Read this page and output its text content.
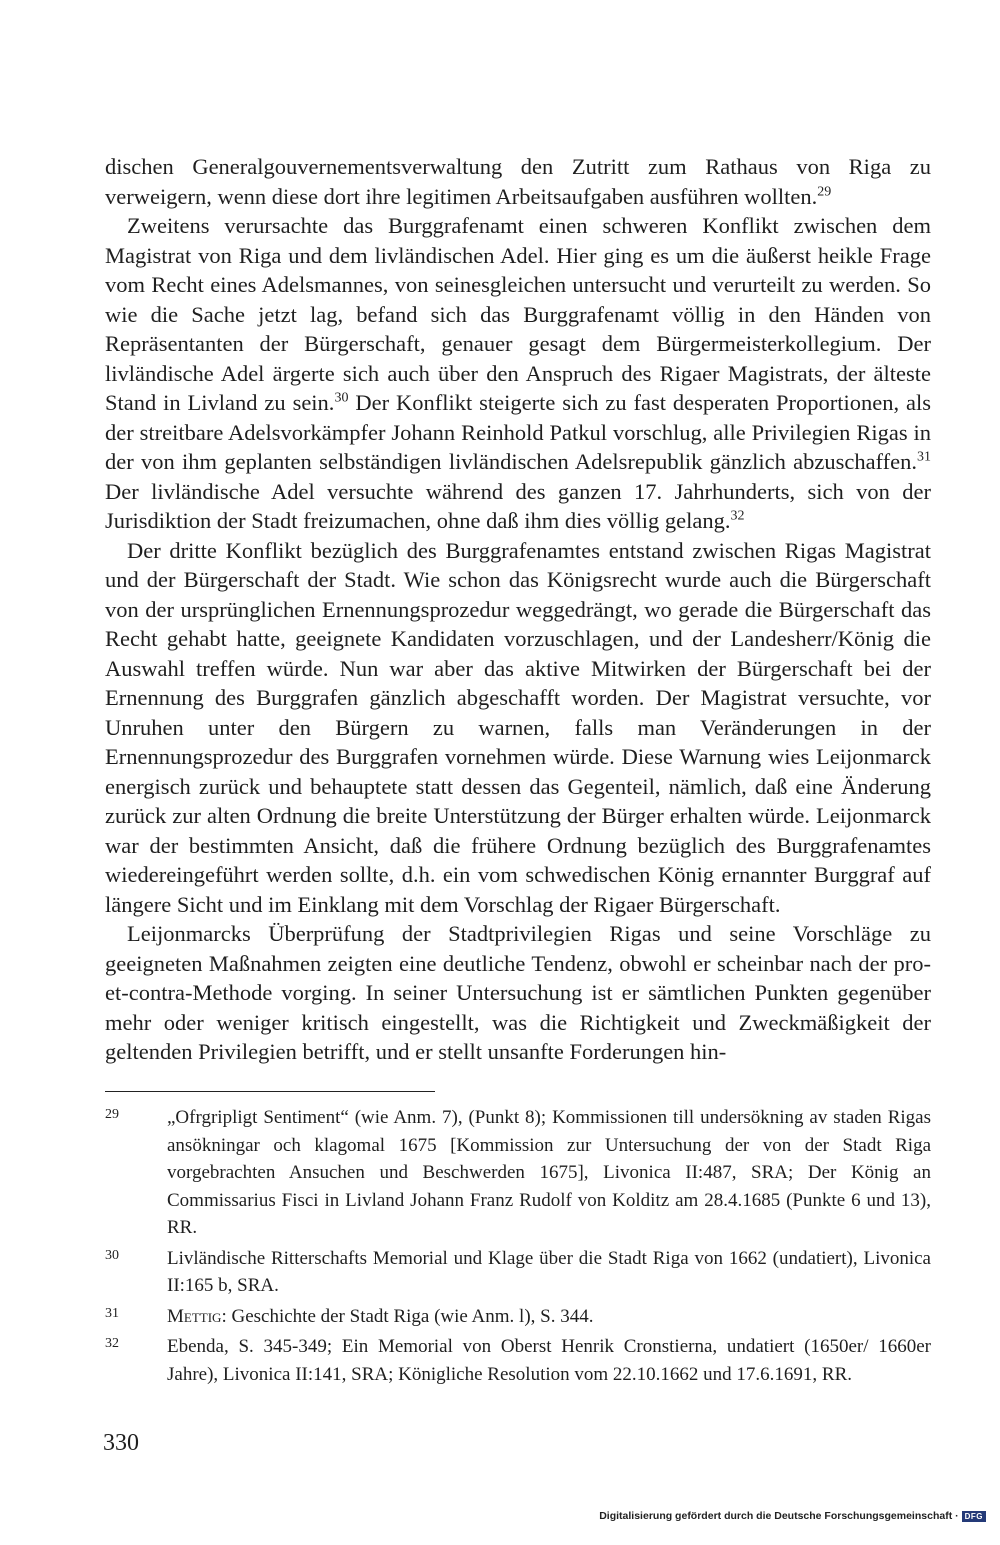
dischen Generalgouvernementsverwaltung den Zutritt zum Rathaus von Riga zu verweigern, wenn diese dort ihre legitimen Arbeitsaufgaben ausführen wollten.$^{29}$

Zweitens verursachte das Burggrafenamt einen schweren Konflikt zwischen dem Magistrat von Riga und dem livländischen Adel. Hier ging es um die äußerst heikle Frage vom Recht eines Adelsmannes, von seinesgleichen untersucht und verurteilt zu werden. So wie die Sache jetzt lag, befand sich das Burggrafenamt völlig in den Händen von Repräsentanten der Bürgerschaft, genauer gesagt dem Bürgermeisterkollegium. Der livländische Adel ärgerte sich auch über den Anspruch des Rigaer Magistrats, der älteste Stand in Livland zu sein.$^{30}$ Der Konflikt steigerte sich zu fast desperaten Proportionen, als der streitbare Adelsvorkämpfer Johann Reinhold Patkul vorschlug, alle Privilegien Rigas in der von ihm geplanten selbständigen livländischen Adelsrepublik gänzlich abzuschaffen.$^{31}$ Der livländische Adel versuchte während des ganzen 17. Jahrhunderts, sich von der Jurisdiktion der Stadt freizumachen, ohne daß ihm dies völlig gelang.$^{32}$

Der dritte Konflikt bezüglich des Burggrafenamtes entstand zwischen Rigas Magistrat und der Bürgerschaft der Stadt. Wie schon das Königsrecht wurde auch die Bürgerschaft von der ursprünglichen Ernennungsprozedur weggedrängt, wo gerade die Bürgerschaft das Recht gehabt hatte, geeignete Kandidaten vorzuschlagen, und der Landesherr/König die Auswahl treffen würde. Nun war aber das aktive Mitwirken der Bürgerschaft bei der Ernennung des Burggrafen gänzlich abgeschafft worden. Der Magistrat versuchte, vor Unruhen unter den Bürgern zu warnen, falls man Veränderungen in der Ernennungsprozedur des Burggrafen vornehmen würde. Diese Warnung wies Leijonmarck energisch zurück und behauptete statt dessen das Gegenteil, nämlich, daß eine Änderung zurück zur alten Ordnung die breite Unterstützung der Bürger erhalten würde. Leijonmarck war der bestimmten Ansicht, daß die frühere Ordnung bezüglich des Burggrafenamtes wiedereingeführt werden sollte, d.h. ein vom schwedischen König ernannter Burggraf auf längere Sicht und im Einklang mit dem Vorschlag der Rigaer Bürgerschaft.

Leijonmarcks Überprüfung der Stadtprivilegien Rigas und seine Vorschläge zu geeigneten Maßnahmen zeigten eine deutliche Tendenz, obwohl er scheinbar nach der pro-et-contra-Methode vorging. In seiner Untersuchung ist er sämtlichen Punkten gegenüber mehr oder weniger kritisch eingestellt, was die Richtigkeit und Zweckmäßigkeit der geltenden Privilegien betrifft, und er stellt unsanfte Forderungen hin-

29	„Ofrgripligt Sentiment“ (wie Anm. 7), (Punkt 8); Kommissionen till undersökning av staden Rigas ansökningar och klagomal 1675 [Kommission zur Untersuchung der von der Stadt Riga vorgebrachten Ansuchen und Beschwerden 1675], Livonica II:487, SRA; Der König an Commissarius Fisci in Livland Johann Franz Rudolf von Kolditz am 28.4.1685 (Punkte 6 und 13), RR.
30	Livländische Ritterschafts Memorial und Klage über die Stadt Riga von 1662 (undatiert), Livonica II:165 b, SRA.
31	Mettig: Geschichte der Stadt Riga (wie Anm. l), S. 344.
32	Ebenda, S. 345-349; Ein Memorial von Oberst Henrik Cronstierna, undatiert (1650er/ 1660er Jahre), Livonica II:141, SRA; Königliche Resolution vom 22.10.1662 und 17.6.1691, RR.
330
Digitalisierung gefördert durch die Deutsche Forschungsgemeinschaft · DFG
